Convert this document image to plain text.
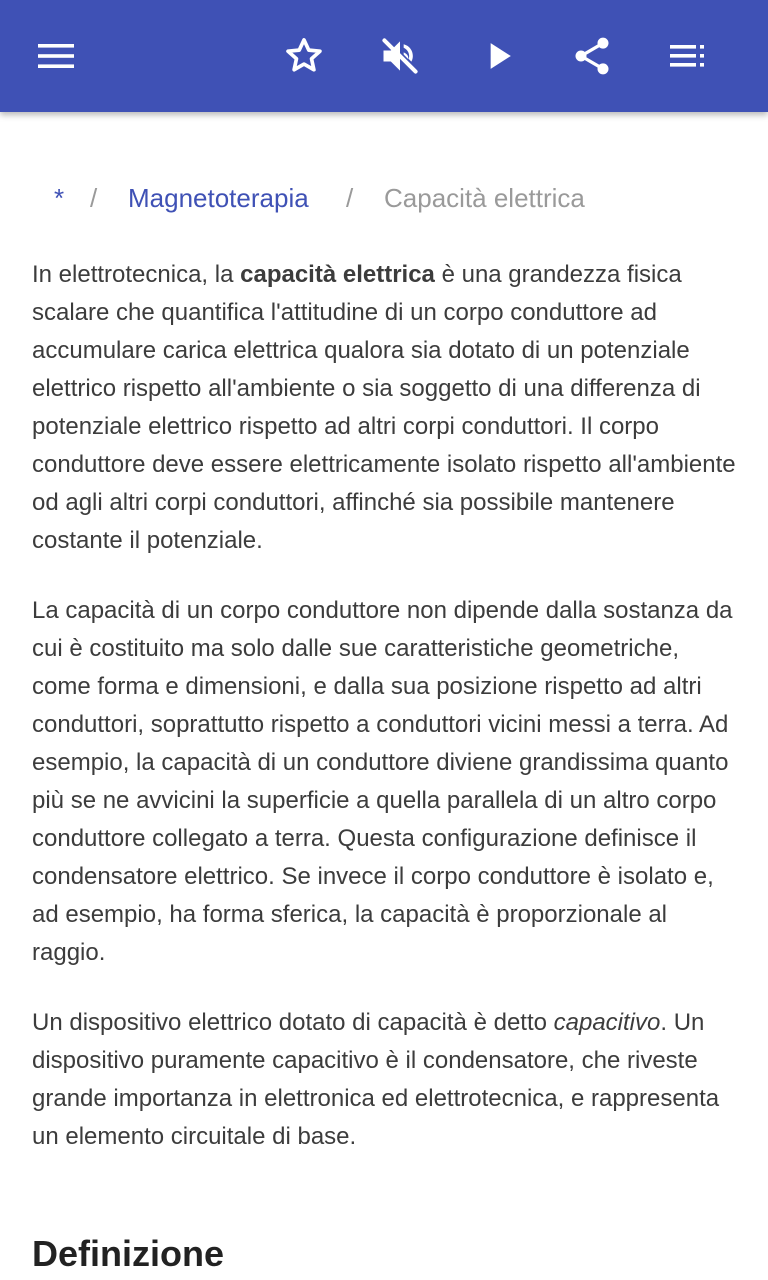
* / Magnetoterapia / Capacità elettrica

In elettrotecnica, la capacità elettrica è una grandezza fisica scalare che quantifica l'attitudine di un corpo conduttore ad accumulare carica elettrica qualora sia dotato di un potenziale elettrico rispetto all'ambiente o sia soggetto di una differenza di potenziale elettrico rispetto ad altri corpi conduttori. Il corpo conduttore deve essere elettricamente isolato rispetto all'ambiente od agli altri corpi conduttori, affinché sia possibile mantenere costante il potenziale.

La capacità di un corpo conduttore non dipende dalla sostanza da cui è costituito ma solo dalle sue caratteristiche geometriche, come forma e dimensioni, e dalla sua posizione rispetto ad altri conduttori, soprattutto rispetto a conduttori vicini messi a terra. Ad esempio, la capacità di un conduttore diviene grandissima quanto più se ne avvicini la superficie a quella parallela di un altro corpo conduttore collegato a terra. Questa configurazione definisce il condensatore elettrico. Se invece il corpo conduttore è isolato e, ad esempio, ha forma sferica, la capacità è proporzionale al raggio.

Un dispositivo elettrico dotato di capacità è detto capacitivo. Un dispositivo puramente capacitivo è il condensatore, che riveste grande importanza in elettronica ed elettrotecnica, e rappresenta un elemento circuitale di base.

Definizione
